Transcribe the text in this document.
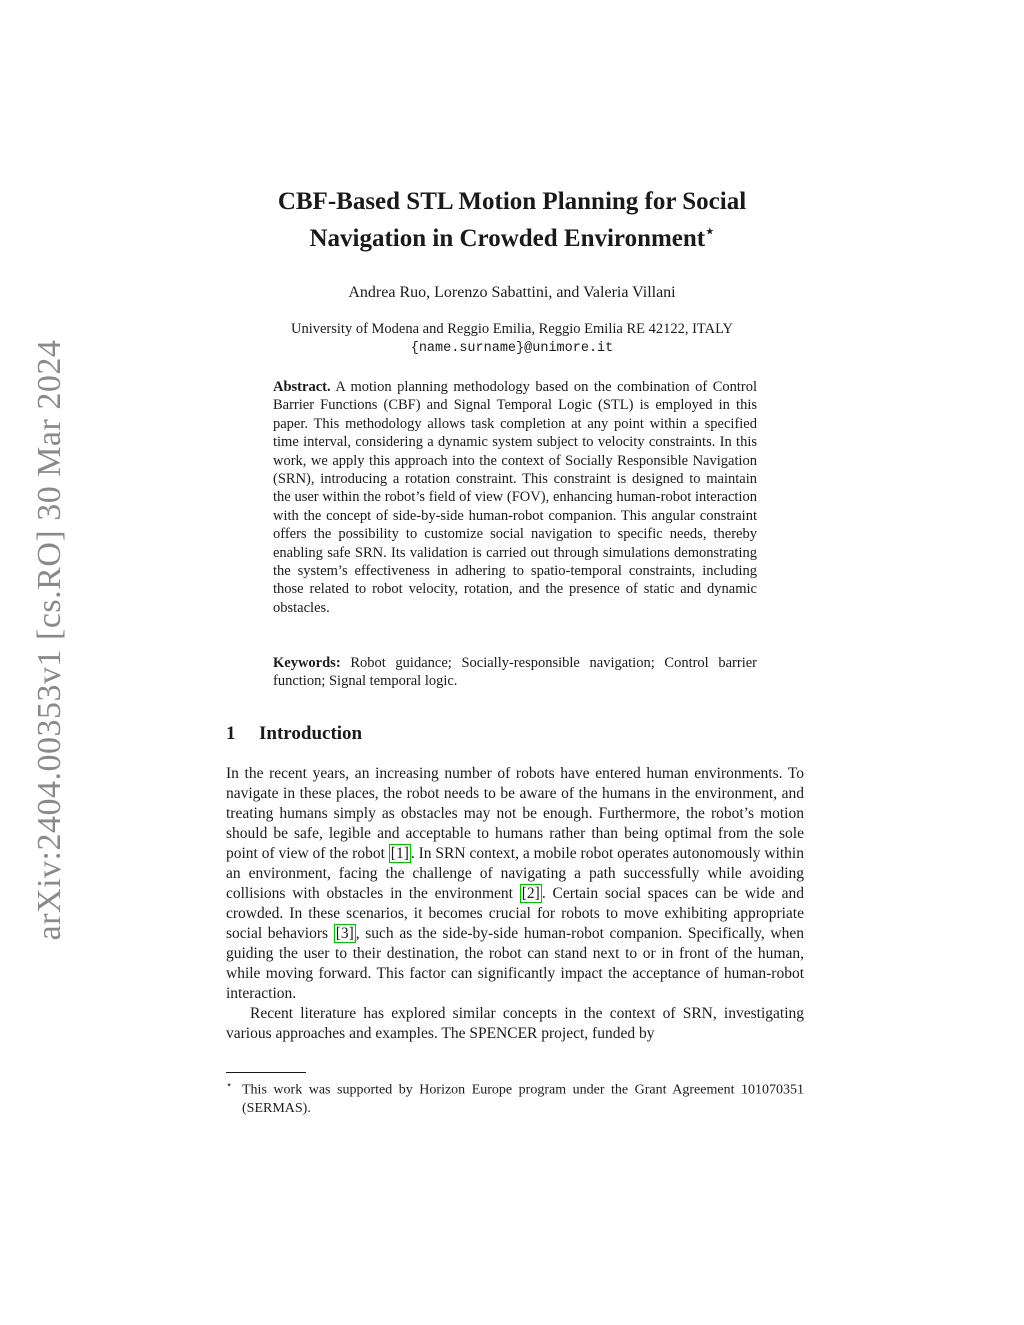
arXiv:2404.00353v1 [cs.RO] 30 Mar 2024
CBF-Based STL Motion Planning for Social
Navigation in Crowded Environment⋆
Andrea Ruo, Lorenzo Sabattini, and Valeria Villani
University of Modena and Reggio Emilia, Reggio Emilia RE 42122, ITALY
{name.surname}@unimore.it
Abstract. A motion planning methodology based on the combination of Control Barrier Functions (CBF) and Signal Temporal Logic (STL) is employed in this paper. This methodology allows task completion at any point within a specified time interval, considering a dynamic system subject to velocity constraints. In this work, we apply this approach into the context of Socially Responsible Navigation (SRN), introducing a rotation constraint. This constraint is designed to maintain the user within the robot’s field of view (FOV), enhancing human-robot interaction with the concept of side-by-side human-robot companion. This angular constraint offers the possibility to customize social navigation to specific needs, thereby enabling safe SRN. Its validation is carried out through simulations demonstrating the system’s effectiveness in adhering to spatio-temporal constraints, including those related to robot velocity, rotation, and the presence of static and dynamic obstacles.
Keywords: Robot guidance; Socially-responsible navigation; Control barrier function; Signal temporal logic.
1 Introduction

In the recent years, an increasing number of robots have entered human environments. To navigate in these places, the robot needs to be aware of the humans in the environment, and treating humans simply as obstacles may not be enough. Furthermore, the robot’s motion should be safe, legible and acceptable to humans rather than being optimal from the sole point of view of the robot [1] . In SRN context, a mobile robot operates autonomously within an environment, facing the challenge of navigating a path successfully while avoiding collisions with obstacles in the environment [2] . Certain social spaces can be wide and crowded. In these scenarios, it becomes crucial for robots to move exhibiting appropriate social behaviors [3] , such as the side-by-side human-robot companion. Specifically, when guiding the user to their destination, the robot can stand next to or in front of the human, while moving forward. This factor can significantly impact the acceptance of human-robot interaction.

Recent literature has explored similar concepts in the context of SRN, investigating various approaches and examples. The SPENCER project, funded by

⋆ This work was supported by Horizon Europe program under the Grant Agreement 101070351 (SERMAS).
